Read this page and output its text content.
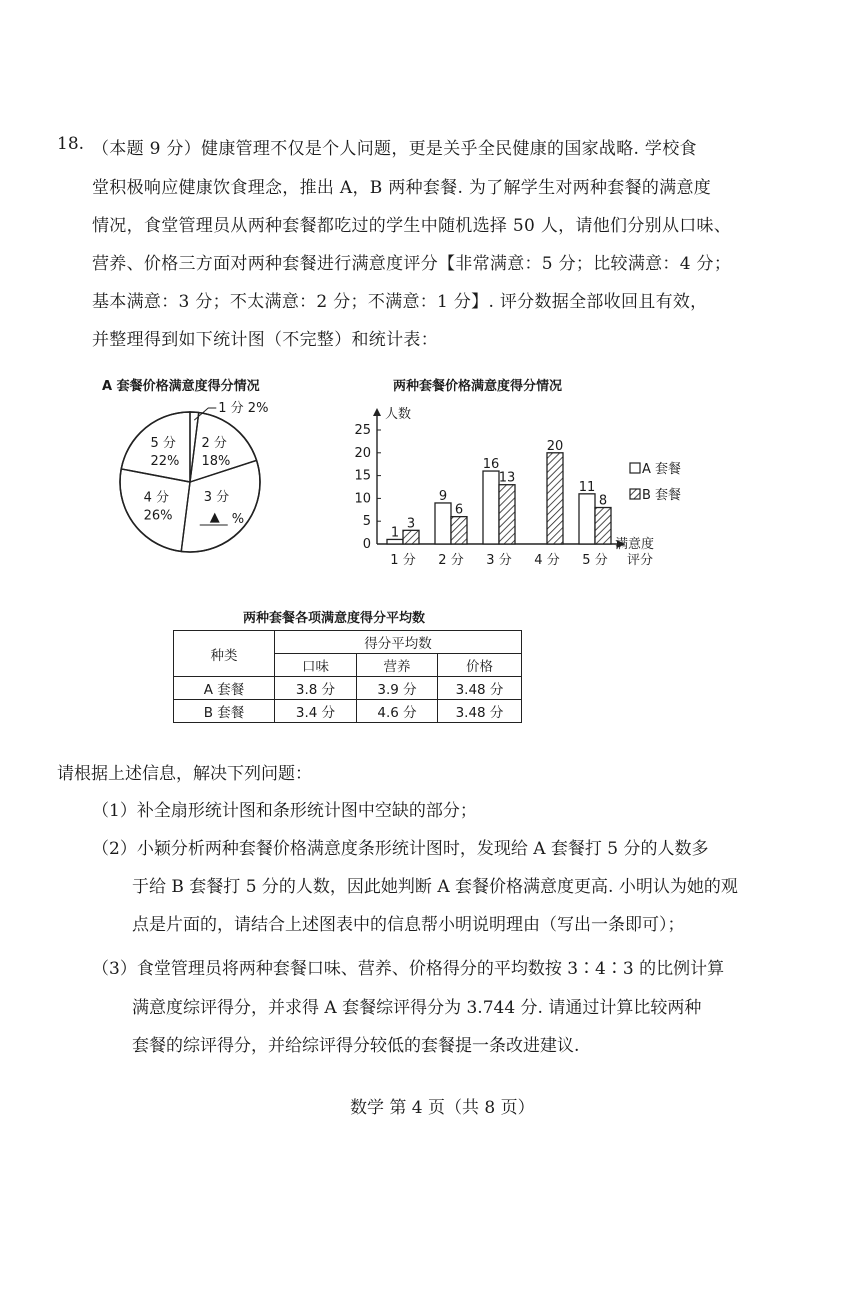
18. （本题 9 分）健康管理不仅是个人问题，更是关乎全民健康的国家战略. 学校食
堂积极响应健康饮食理念，推出 A，B 两种套餐. 为了解学生对两种套餐的满意度
情况，食堂管理员从两种套餐都吃过的学生中随机选择 50 人，请他们分别从口味、
营养、价格三方面对两种套餐进行满意度评分【非常满意：5 分；比较满意：4 分；
基本满意：3 分；不太满意：2 分；不满意：1 分】. 评分数据全部收回且有效，
并整理得到如下统计图（不完整）和统计表：
A 套餐价格满意度得分情况
1 分 2%
2 分
18%
3 分
▲ %
4 分
26%
5 分
22%
两种套餐价格满意度得分情况
人数
0
5
10
15
20
25
满意度
评分
1 分 2 分 3 分 4 分 5 分
1
3
9
6
16
13
20
11
8
A 套餐
B 套餐
两种套餐各项满意度得分平均数
种类	得分平均数		
	口味	营养	价格
A 套餐	3.8 分	3.9 分	3.48 分
B 套餐	3.4 分	4.6 分	3.48 分
请根据上述信息，解决下列问题：
（1）补全扇形统计图和条形统计图中空缺的部分；
（2）小颖分析两种套餐价格满意度条形统计图时，发现给 A 套餐打 5 分的人数多
于给 B 套餐打 5 分的人数，因此她判断 A 套餐价格满意度更高. 小明认为她的观
点是片面的，请结合上述图表中的信息帮小明说明理由（写出一条即可）；
（3）食堂管理员将两种套餐口味、营养、价格得分的平均数按 3∶4∶3 的比例计算
满意度综评得分，并求得 A 套餐综评得分为 3.744 分. 请通过计算比较两种
套餐的综评得分，并给综评得分较低的套餐提一条改进建议.
数学 第 4 页（共 8 页）
